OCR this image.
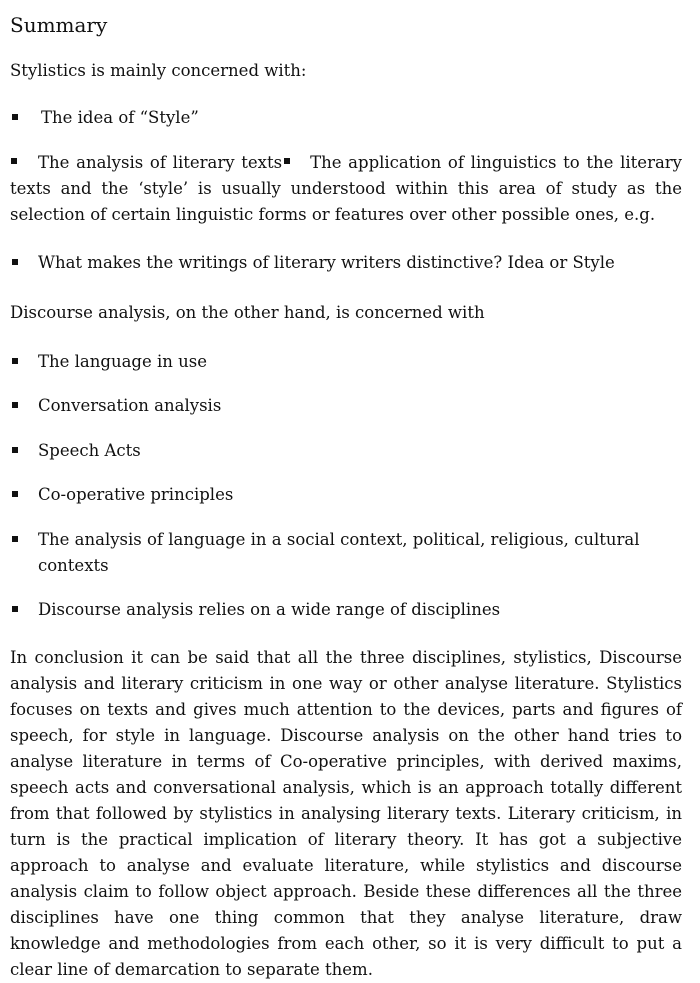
Summary
Stylistics is mainly concerned with:
The idea of “Style”
The analysis of literary texts The application of linguistics to the literary texts and the ‘style’ is usually understood within this area of study as the selection of certain linguistic forms or features over other possible ones, e.g.
What makes the writings of literary writers distinctive? Idea or Style
Discourse analysis, on the other hand, is concerned with
The language in use
Conversation analysis
Speech Acts
Co-operative principles
The analysis of language in a social context, political, religious, cultural contexts
Discourse analysis relies on a wide range of disciplines
In conclusion it can be said that all the three disciplines, stylistics, Discourse analysis and literary criticism in one way or other analyse literature. Stylistics focuses on texts and gives much attention to the devices, parts and figures of speech, for style in language. Discourse analysis on the other hand tries to analyse literature in terms of Co-operative principles, with derived maxims, speech acts and conversational analysis, which is an approach totally different from that followed by stylistics in analysing literary texts. Literary criticism, in turn is the practical implication of literary theory. It has got a subjective approach to analyse and evaluate literature, while stylistics and discourse analysis claim to follow object approach. Beside these differences all the three disciplines have one thing common that they analyse literature, draw knowledge and methodologies from each other, so it is very difficult to put a clear line of demarcation to separate them.
